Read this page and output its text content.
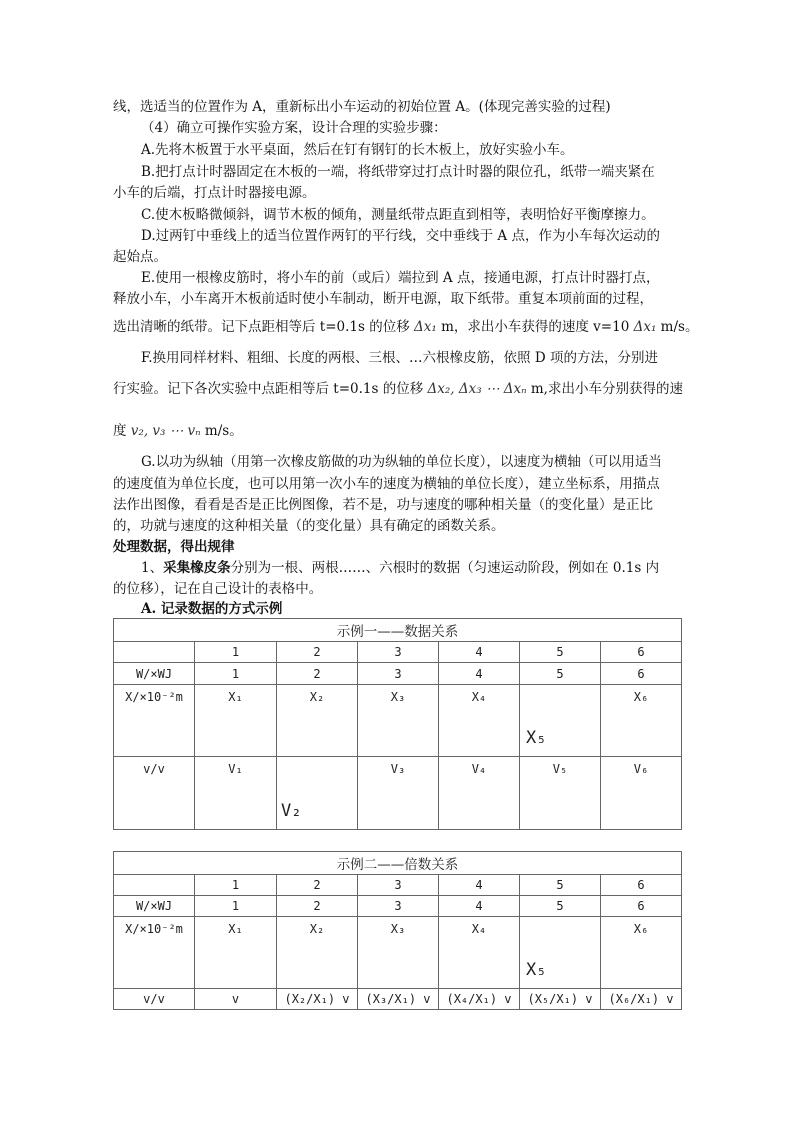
线，选适当的位置作为 A，重新标出小车运动的初始位置 A。(体现完善实验的过程)
（4）确立可操作实验方案，设计合理的实验步骤：
A.先将木板置于水平桌面，然后在钉有钢钉的长木板上，放好实验小车。
B.把打点计时器固定在木板的一端，将纸带穿过打点计时器的限位孔，纸带一端夹紧在
小车的后端，打点计时器接电源。
C.使木板略微倾斜，调节木板的倾角，测量纸带点距直到相等，表明恰好平衡摩擦力。
D.过两钉中垂线上的适当位置作两钉的平行线，交中垂线于 A 点，作为小车每次运动的
起始点。
E.使用一根橡皮筋时，将小车的前（或后）端拉到 A 点，接通电源，打点计时器打点，
释放小车，小车离开木板前适时使小车制动，断开电源，取下纸带。重复本项前面的过程，
选出清晰的纸带。记下点距相等后 t=0.1s 的位移 Δx₁ m，求出小车获得的速度 v=10 Δx₁ m/s。
F.换用同样材料、粗细、长度的两根、三根、…六根橡皮筋，依照 D 项的方法，分别进
行实验。记下各次实验中点距相等后 t=0.1s 的位移 Δx₂, Δx₃ ⋯ Δxₙ m,求出小车分别获得的速
度 v₂, v₃ ⋯ vₙ m/s。
G.以功为纵轴（用第一次橡皮筋做的功为纵轴的单位长度），以速度为横轴（可以用适当
的速度值为单位长度，也可以用第一次小车的速度为横轴的单位长度），建立坐标系，用描点
法作出图像，看看是否是正比例图像，若不是，功与速度的哪种相关量（的变化量）是正比
的，功就与速度的这种相关量（的变化量）具有确定的函数关系。
处理数据，得出规律
1、采集橡皮条分别为一根、两根……、六根时的数据（匀速运动阶段，例如在 0.1s 内
的位移），记在自己设计的表格中。
A. 记录数据的方式示例
示例一——数据关系						
	1	2	3	4	5	6
W/×WJ	1	2	3	4	5	6
X/×10⁻²m	X₁	X₂	X₃	X₄	X₅	X₆
v/v	V₁	V₂	V₃	V₄	V₅	V₆
示例二——倍数关系						
	1	2	3	4	5	6
W/×WJ	1	2	3	4	5	6
X/×10⁻²m	X₁	X₂	X₃	X₄	X₅	X₆
v/v	v	(X₂/X₁) v	(X₃/X₁) v	(X₄/X₁) v	(X₅/X₁) v	(X₆/X₁) v
